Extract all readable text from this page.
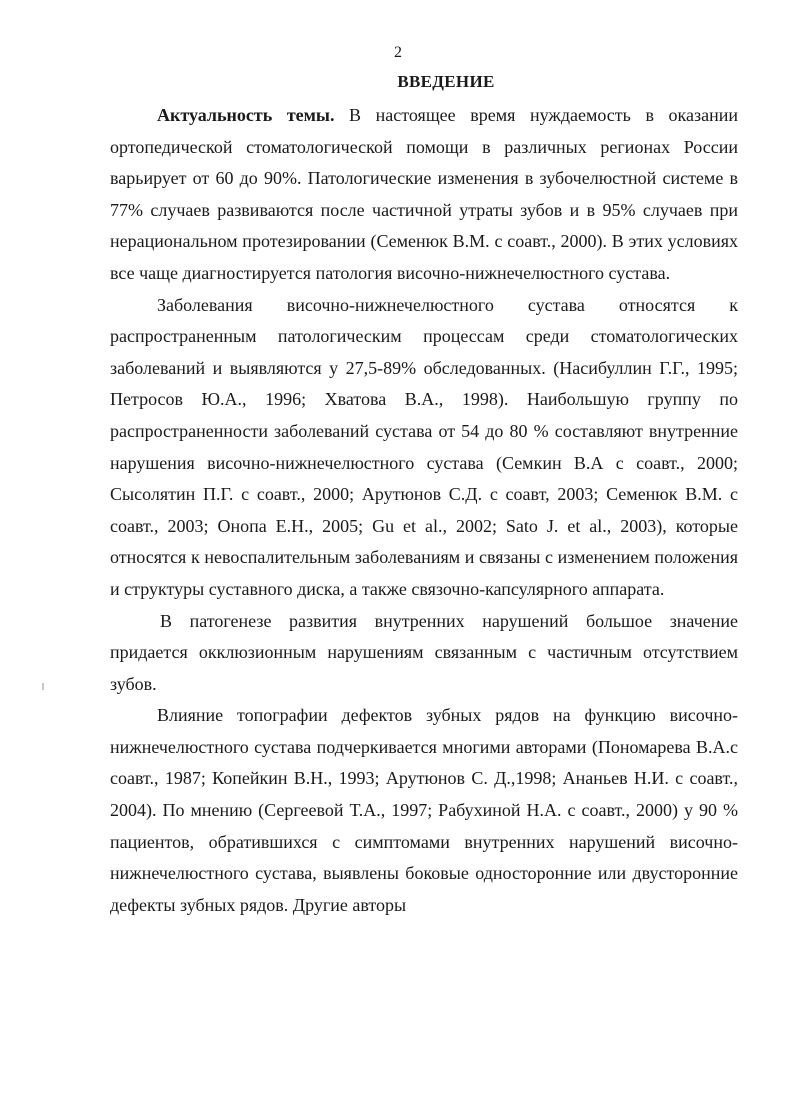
2
ВВЕДЕНИЕ

Актуальность темы. В настоящее время нуждаемость в оказании ортопедической стоматологической помощи в различных регионах России варьирует от 60 до 90%. Патологические изменения в зубочелюстной системе в 77% случаев развиваются после частичной утраты зубов и в 95% случаев при нерациональном протезировании (Семенюк В.М. с соавт., 2000). В этих условиях все чаще диагностируется патология височно-нижнечелюстного сустава.

Заболевания височно-нижнечелюстного сустава относятся к распространенным патологическим процессам среди стоматологических заболеваний и выявляются у 27,5-89% обследованных. (Насибуллин Г.Г., 1995; Петросов Ю.А., 1996; Хватова В.А., 1998). Наибольшую группу по распространенности заболеваний сустава от 54 до 80 % составляют внутренние нарушения височно-нижнечелюстного сустава (Семкин В.А с соавт., 2000; Сысолятин П.Г. с соавт., 2000; Арутюнов С.Д. с соавт, 2003; Семенюк В.М. с соавт., 2003; Онопа Е.Н., 2005; Gu et al., 2002; Sato J. et al., 2003), которые относятся к невоспалительным заболеваниям и связаны с изменением положения и структуры суставного диска, а также связочно-капсулярного аппарата.

В патогенезе развития внутренних нарушений большое значение придается окклюзионным нарушениям связанным с частичным отсутствием зубов.

Влияние топографии дефектов зубных рядов на функцию височно-нижнечелюстного сустава подчеркивается многими авторами (Пономарева В.А.с соавт., 1987; Копейкин В.Н., 1993; Арутюнов С. Д.,1998; Ананьев Н.И. с соавт., 2004). По мнению (Сергеевой Т.А., 1997; Рабухиной Н.А. с соавт., 2000) у 90 % пациентов, обратившихся с симптомами внутренних нарушений височно-нижнечелюстного сустава, выявлены боковые односторонние или двусторонние дефекты зубных рядов. Другие авторы
